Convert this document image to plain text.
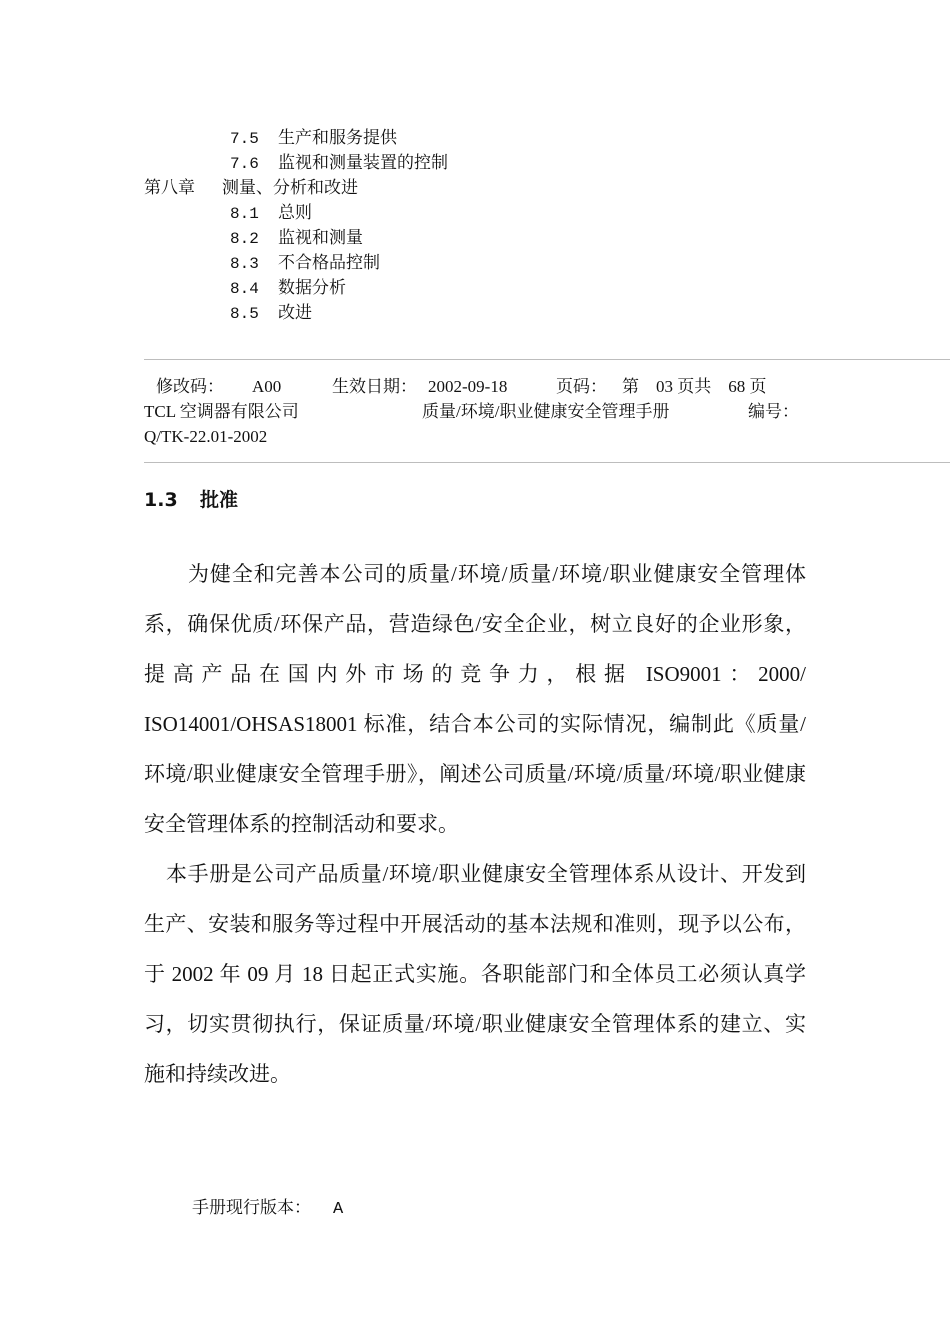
7.5 生产和服务提供
7.6 监视和测量装置的控制
第八章 测量、分析和改进
8.1 总则
8.2 监视和测量
8.3 不合格品控制
8.4 数据分析
8.5 改进
修改码： A00	生效日期： 2002-09-18	页码： 第　03 页共　68 页
TCL 空调器有限公司	质量/环境/职业健康安全管理手册	编号：
Q/TK-22.01-2002
1.3 批准

为健全和完善本公司的质量/环境/质量/环境/职业健康安全管理体系，确保优质/环保产品，营造绿色/安全企业，树立良好的企业形象，提高产品在国内外市场的竞争力，根据 ISO9001：2000/ ISO14001/OHSAS18001 标准，结合本公司的实际情况，编制此《质量/环境/职业健康安全管理手册》，阐述公司质量/环境/质量/环境/职业健康安全管理体系的控制活动和要求。

本手册是公司产品质量/环境/职业健康安全管理体系从设计、开发到生产、安装和服务等过程中开展活动的基本法规和准则，现予以公布，于 2002 年 09 月 18 日起正式实施。各职能部门和全体员工必须认真学习，切实贯彻执行，保证质量/环境/职业健康安全管理体系的建立、实施和持续改进。

手册现行版本： A
